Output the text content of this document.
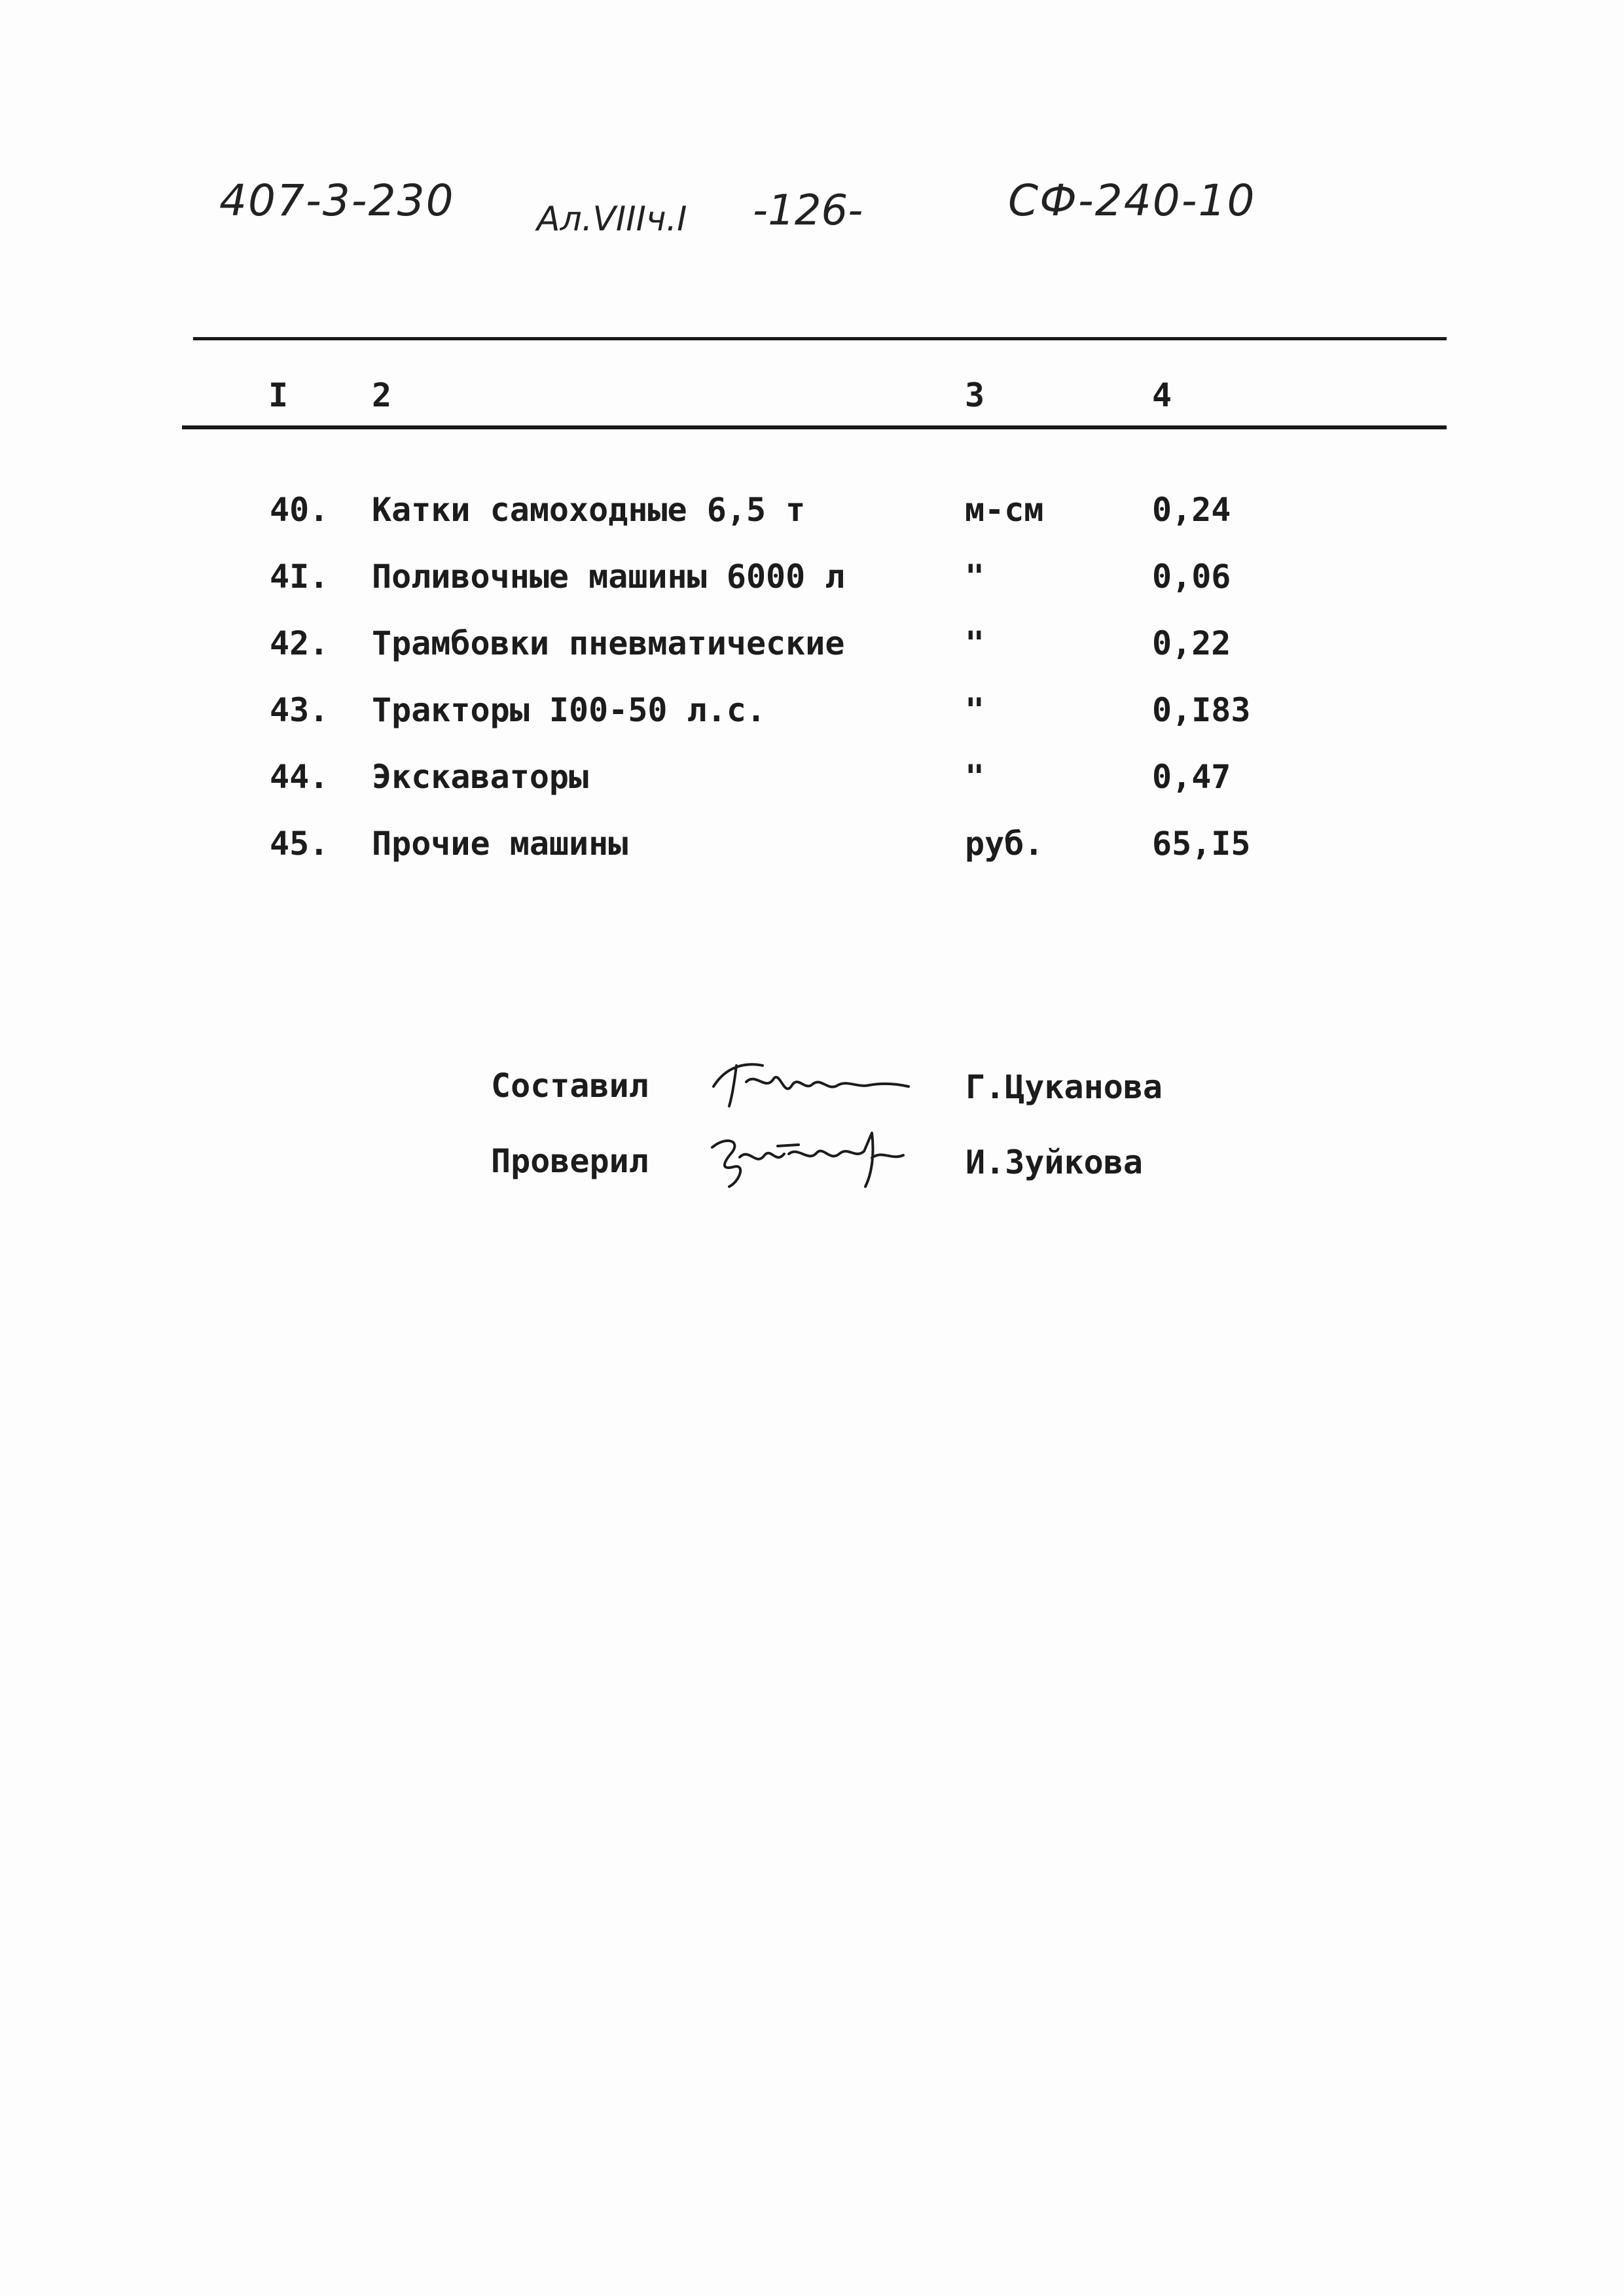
407-3-230 Ал.VIIIч.I -126-	СФ-240-10
I	2	3	4
40. Катки самоходные 6,5 т	м-см	0,24
4I. Поливочные машины 6000 л	"	0,06
42. Трамбовки пневматические	"	0,22
43. Тракторы I00-50 л.с.	"	0,I83
44. Экскаваторы	"	0,47
45. Прочие машины	руб.	65,I5
Составил	Г.Цуканова
Проверил	И.Зуйкова
